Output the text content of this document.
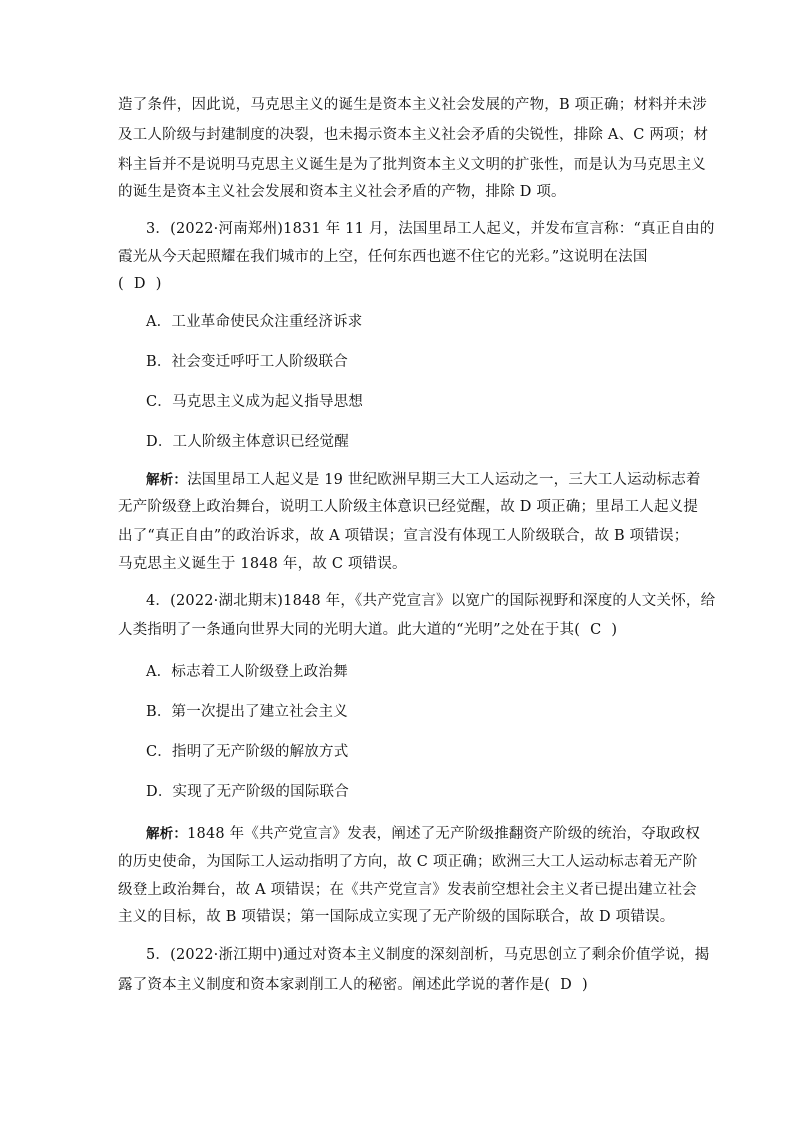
造了条件，因此说，马克思主义的诞生是资本主义社会发展的产物，B 项正确；材料并未涉
及工人阶级与封建制度的决裂，也未揭示资本主义社会矛盾的尖锐性，排除 A、C 两项；材
料主旨并不是说明马克思主义诞生是为了批判资本主义文明的扩张性，而是认为马克思主义
的诞生是资本主义社会发展和资本主义社会矛盾的产物，排除 D 项。
3．(2022·河南郑州)1831 年 11 月，法国里昂工人起义，并发布宣言称：“真正自由的
霞光从今天起照耀在我们城市的上空，任何东西也遮不住它的光彩。”这说明在法国
( D )
A．工业革命使民众注重经济诉求
B．社会变迁呼吁工人阶级联合
C．马克思主义成为起义指导思想
D．工人阶级主体意识已经觉醒
解析：法国里昂工人起义是 19 世纪欧洲早期三大工人运动之一，三大工人运动标志着
无产阶级登上政治舞台，说明工人阶级主体意识已经觉醒，故 D 项正确；里昂工人起义提
出了“真正自由”的政治诉求，故 A 项错误；宣言没有体现工人阶级联合，故 B 项错误；
马克思主义诞生于 1848 年，故 C 项错误。
4．(2022·湖北期末)1848 年，《共产党宣言》以宽广的国际视野和深度的人文关怀，给
人类指明了一条通向世界大同的光明大道。此大道的“光明”之处在于其( C )
A．标志着工人阶级登上政治舞
B．第一次提出了建立社会主义
C．指明了无产阶级的解放方式
D．实现了无产阶级的国际联合
解析：1848 年《共产党宣言》发表，阐述了无产阶级推翻资产阶级的统治，夺取政权
的历史使命，为国际工人运动指明了方向，故 C 项正确；欧洲三大工人运动标志着无产阶
级登上政治舞台，故 A 项错误；在《共产党宣言》发表前空想社会主义者已提出建立社会
主义的目标，故 B 项错误；第一国际成立实现了无产阶级的国际联合，故 D 项错误。
5．(2022·浙江期中)通过对资本主义制度的深刻剖析，马克思创立了剩余价值学说，揭
露了资本主义制度和资本家剥削工人的秘密。阐述此学说的著作是( D )
